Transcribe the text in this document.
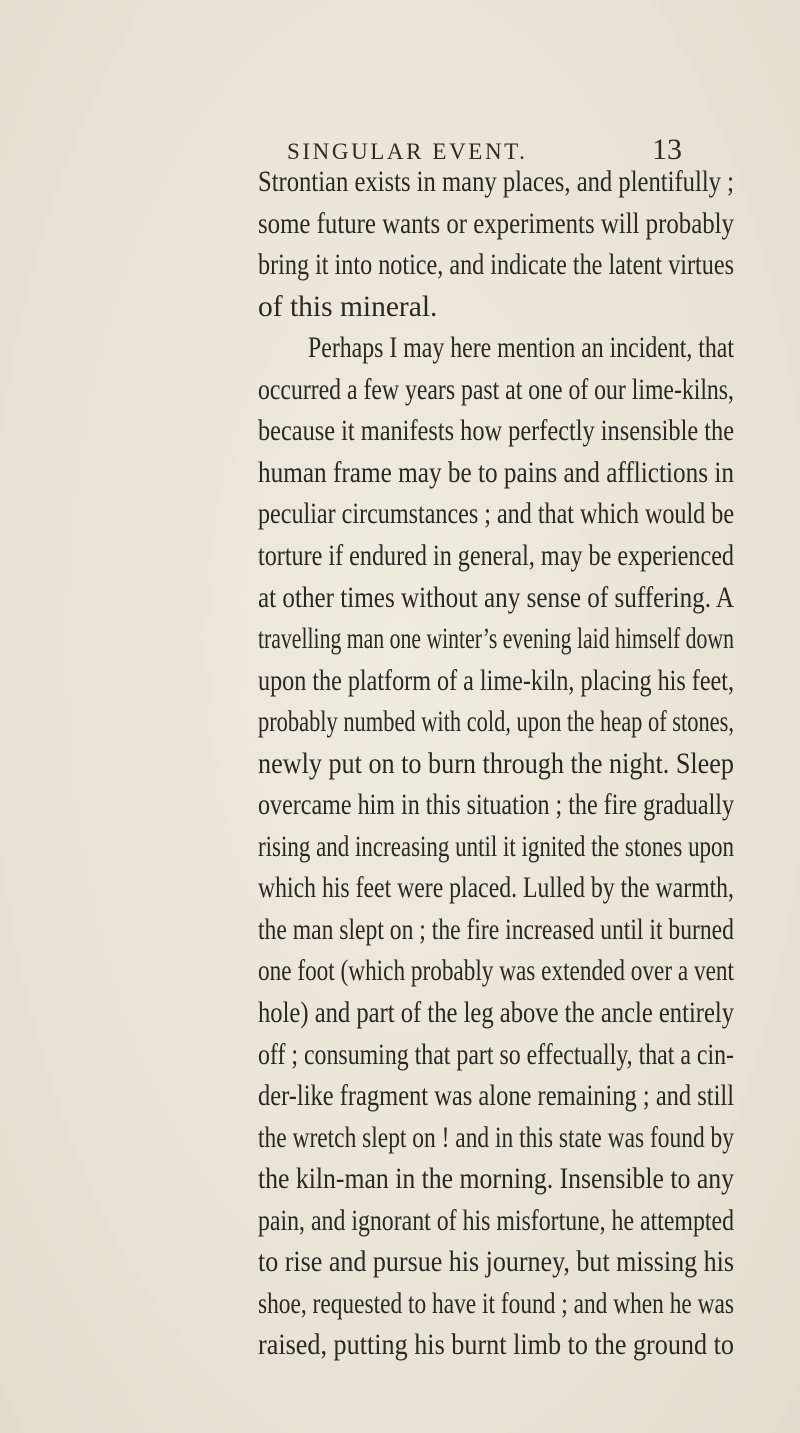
SINGULAR EVENT.	13
Strontian exists in many places, and plentifully ;
some future wants or experiments will probably
bring it into notice, and indicate the latent virtues
of this mineral.
Perhaps I may here mention an incident, that
occurred a few years past at one of our lime-kilns,
because it manifests how perfectly insensible the
human frame may be to pains and afflictions in
peculiar circumstances ; and that which would be
torture if endured in general, may be experienced
at other times without any sense of suffering. A
travelling man one winter’s evening laid himself down
upon the platform of a lime-kiln, placing his feet,
probably numbed with cold, upon the heap of stones,
newly put on to burn through the night. Sleep
overcame him in this situation ; the fire gradually
rising and increasing until it ignited the stones upon
which his feet were placed. Lulled by the warmth,
the man slept on ; the fire increased until it burned
one foot (which probably was extended over a vent
hole) and part of the leg above the ancle entirely
off ; consuming that part so effectually, that a cin-
der-like fragment was alone remaining ; and still
the wretch slept on ! and in this state was found by
the kiln-man in the morning. Insensible to any
pain, and ignorant of his misfortune, he attempted
to rise and pursue his journey, but missing his
shoe, requested to have it found ; and when he was
raised, putting his burnt limb to the ground to
